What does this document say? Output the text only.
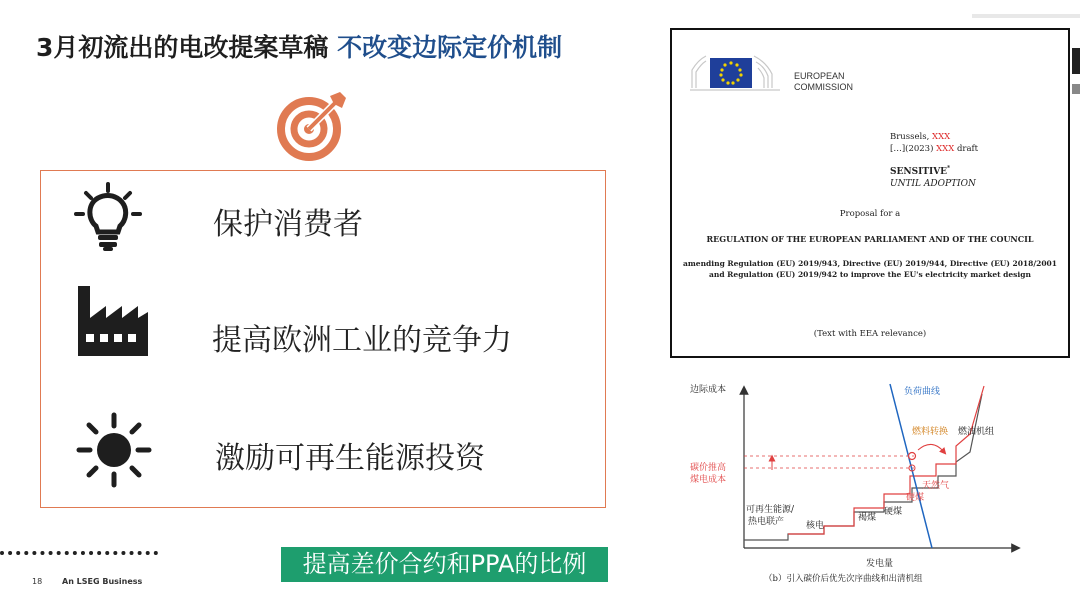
3月初流出的电改提案草稿 不改变边际定价机制
保护消费者
提高欧洲工业的竞争力
激励可再生能源投资
EUROPEAN
COMMISSION
Brussels, XXX
[…](2023) XXX draft
SENSITIVE*
UNTIL ADOPTION
Proposal for a
REGULATION OF THE EUROPEAN PARLIAMENT AND OF THE COUNCIL
amending Regulation (EU) 2019/943, Directive (EU) 2019/944, Directive (EU) 2018/2001
and Regulation (EU) 2019/942 to improve the EU's electricity market design
(Text with EEA relevance)
边际成本
发电量
负荷曲线
碳价推高
煤电成本
燃料转换 燃油机组
天然气
硬煤
硬煤
褐煤
核电
可再生能源/
热电联产
（b）引入碳价后优先次序曲线和出清机组
18 An LSEG Business
提高差价合约和PPA的比例
